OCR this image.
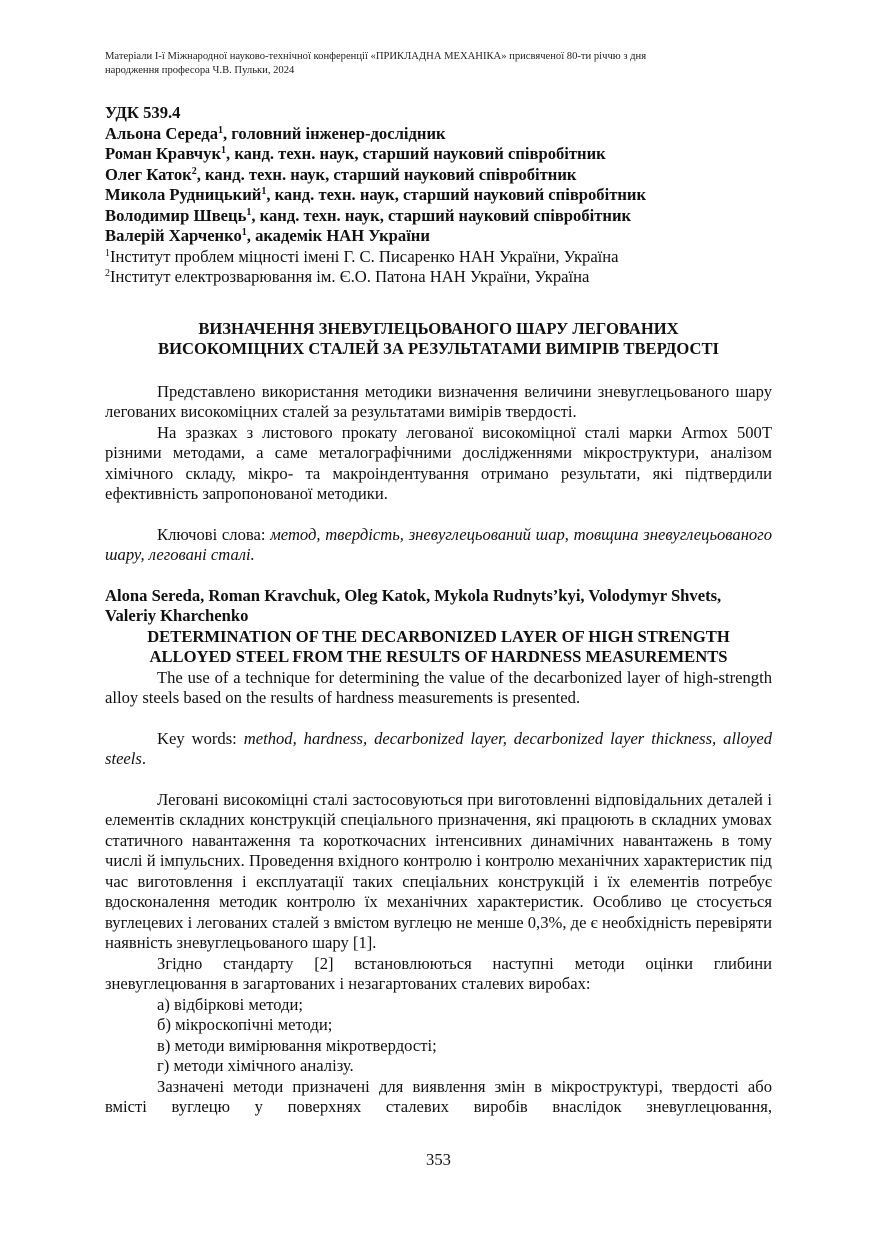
Матеріали І-ї Міжнародної науково-технічної конференції «ПРИКЛАДНА МЕХАНІКА» присвяченої 80-ти річчю з дня
народження професора Ч.В. Пульки, 2024
УДК 539.4
Альона Середа$^1$, головний інженер-дослідник
Роман Кравчук$^1$, канд. техн. наук, старший науковий співробітник
Олег Каток$^2$, канд. техн. наук, старший науковий співробітник
Микола Рудницький$^1$, канд. техн. наук, старший науковий співробітник
Володимир Швець$^1$, канд. техн. наук, старший науковий співробітник
Валерій Харченко$^1$, академік НАН України
$^1$Інститут проблем міцності імені Г. С. Писаренко НАН України, Україна
$^2$Інститут електрозварювання ім. Є.О. Патона НАН України, Україна
ВИЗНАЧЕННЯ ЗНЕВУГЛЕЦЬОВАНОГО ШАРУ ЛЕГОВАНИХ
ВИСОКОМІЦНИХ СТАЛЕЙ ЗА РЕЗУЛЬТАТАМИ ВИМІРІВ ТВЕРДОСТІ

Представлено використання методики визначення величини зневуглецьованого шару легованих високоміцних сталей за результатами вимірів твердості.

На зразках з листового прокату легованої високоміцної сталі марки Armox 500T різними методами, а саме металографічними дослідженнями мікроструктури, аналізом хімічного складу, мікро- та макроіндентування отримано результати, які підтвердили ефективність запропонованої методики.

Ключові слова: метод, твердість, зневуглецьований шар, товщина зневуглецьованого шару, леговані сталі.

Alona Sereda, Roman Kravchuk, Oleg Katok, Mykola Rudnyts’kyi, Volodymyr Shvets, Valeriy Kharchenko
DETERMINATION OF THE DECARBONIZED LAYER OF HIGH STRENGTH
ALLOYED STEEL FROM THE RESULTS OF HARDNESS MEASUREMENTS

The use of a technique for determining the value of the decarbonized layer of high-strength alloy steels based on the results of hardness measurements is presented.

Key words: method, hardness, decarbonized layer, decarbonized layer thickness, alloyed steels.

Леговані високоміцні сталі застосовуються при виготовленні відповідальних деталей і елементів складних конструкцій спеціального призначення, які працюють в складних умовах статичного навантаження та короткочасних інтенсивних динамічних навантажень в тому числі й імпульсних. Проведення вхідного контролю і контролю механічних характеристик під час виготовлення і експлуатації таких спеціальних конструкцій і їх елементів потребує вдосконалення методик контролю їх механічних характеристик. Особливо це стосується вуглецевих і легованих сталей з вмістом вуглецю не менше 0,3%, де є необхідність перевіряти наявність зневуглецьованого шару [1].

Згідно стандарту [2] встановлюються наступні методи оцінки глибини зневуглецювання в загартованих і незагартованих сталевих виробах:

а) відбіркові методи;
б) мікроскопічні методи;
в) методи вимірювання мікротвердості;
г) методи хімічного аналізу.

Зазначені методи призначені для виявлення змін в мікроструктурі, твердості або вмісті вуглецю у поверхнях сталевих виробів внаслідок зневуглецювання,

353
